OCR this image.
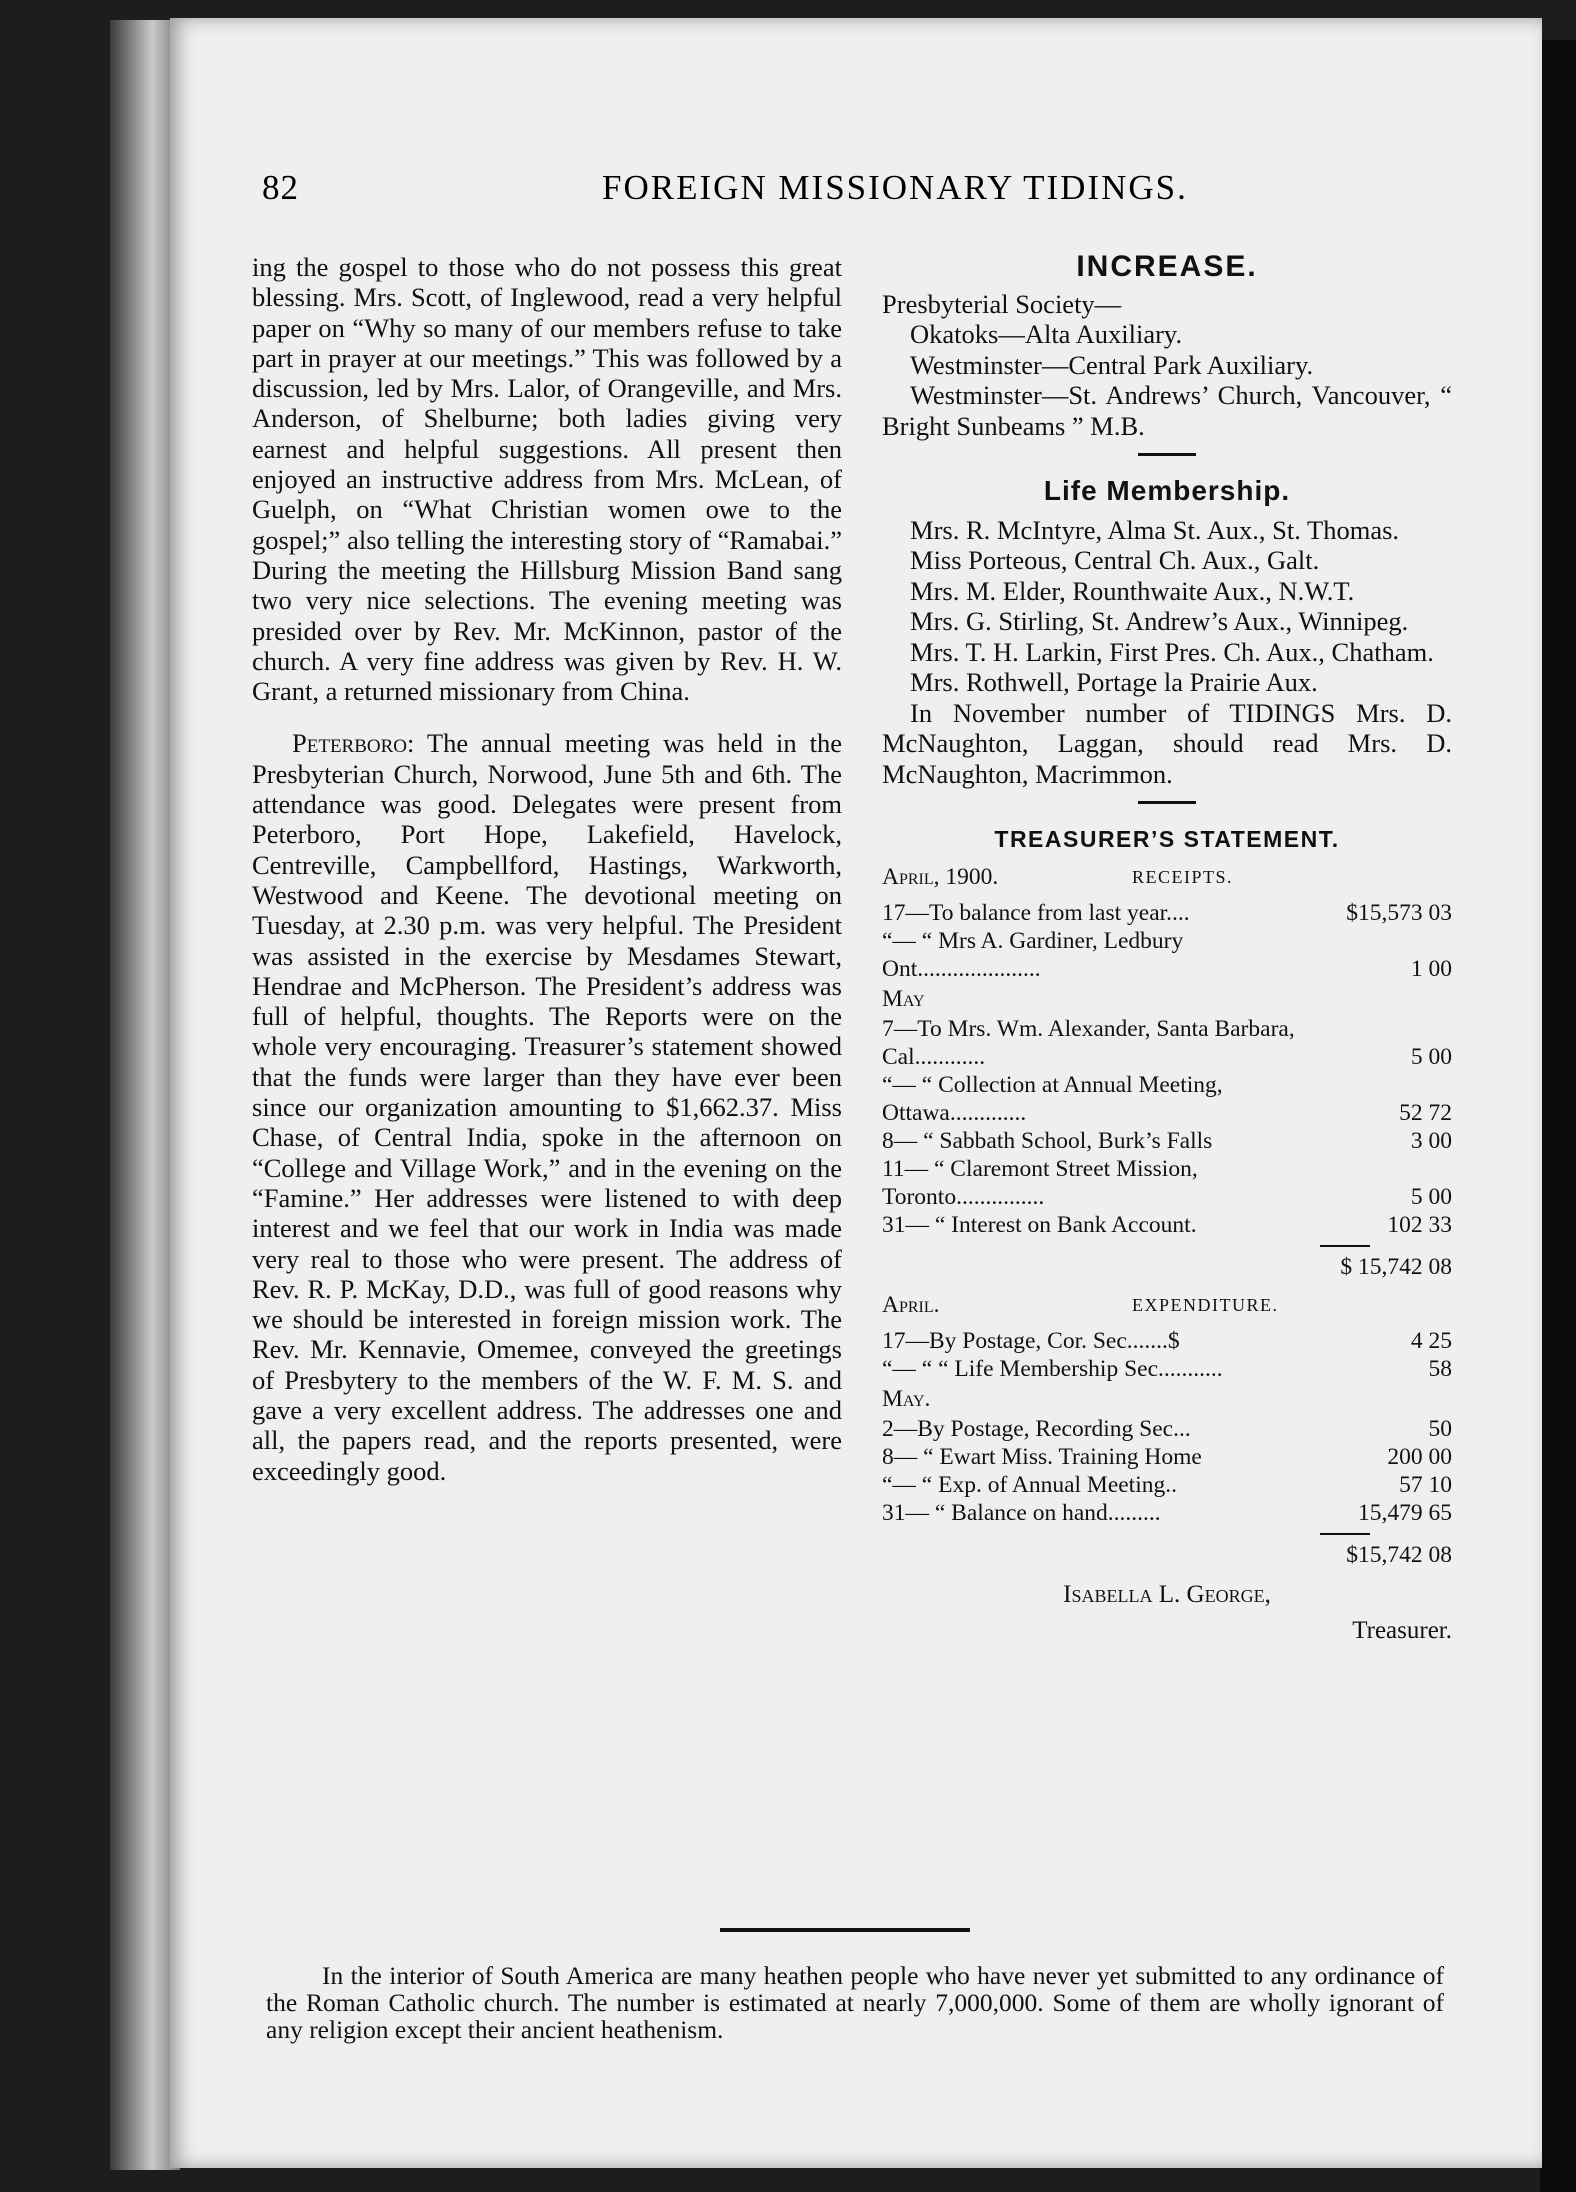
82	FOREIGN MISSIONARY TIDINGS.

ing the gospel to those who do not possess this great blessing. Mrs. Scott, of Inglewood, read a very helpful paper on “Why so many of our members refuse to take part in prayer at our meetings.” This was followed by a discussion, led by Mrs. Lalor, of Orangeville, and Mrs. Anderson, of Shelburne; both ladies giving very earnest and helpful suggestions. All present then enjoyed an instructive address from Mrs. McLean, of Guelph, on “What Christian women owe to the gospel;” also telling the interesting story of “Ramabai.” During the meeting the Hillsburg Mission Band sang two very nice selections. The evening meeting was presided over by Rev. Mr. McKinnon, pastor of the church. A very fine address was given by Rev. H. W. Grant, a returned missionary from China.

Peterboro: The annual meeting was held in the Presbyterian Church, Norwood, June 5th and 6th. The attendance was good. Delegates were present from Peterboro, Port Hope, Lakefield, Havelock, Centreville, Campbellford, Hastings, Warkworth, Westwood and Keene. The devotional meeting on Tuesday, at 2.30 p.m. was very helpful. The President was assisted in the exercise by Mesdames Stewart, Hendrae and McPherson. The President’s address was full of helpful, thoughts. The Reports were on the whole very encouraging. Treasurer’s statement showed that the funds were larger than they have ever been since our organization amounting to $1,662.37. Miss Chase, of Central India, spoke in the afternoon on “College and Village Work,” and in the evening on the “Famine.” Her addresses were listened to with deep interest and we feel that our work in India was made very real to those who were present. The address of Rev. R. P. McKay, D.D., was full of good reasons why we should be interested in foreign mission work. The Rev. Mr. Kennavie, Omemee, conveyed the greetings of Presbytery to the members of the W. F. M. S. and gave a very excellent address. The addresses one and all, the papers read, and the reports presented, were exceedingly good.

INCREASE.

Presbyterial Society—

Okatoks—Alta Auxiliary.

Westminster—Central Park Auxiliary.

Westminster—St. Andrews’ Church, Vancouver, “ Bright Sunbeams ” M.B.

Life Membership.

Mrs. R. McIntyre, Alma St. Aux., St. Thomas.

Miss Porteous, Central Ch. Aux., Galt.

Mrs. M. Elder, Rounthwaite Aux., N.W.T.

Mrs. G. Stirling, St. Andrew’s Aux., Winnipeg.

Mrs. T. H. Larkin, First Pres. Ch. Aux., Chatham.

Mrs. Rothwell, Portage la Prairie Aux.

In November number of TIDINGS Mrs. D. McNaughton, Laggan, should read Mrs. D. McNaughton, Macrimmon.

TREASURER’S STATEMENT.
April, 1900.	RECEIPTS.
17—To balance from last year....	$15,573 03
“— “ Mrs A. Gardiner, Ledbury Ont.....................	1 00
May
7—To Mrs. Wm. Alexander, Santa Barbara, Cal............	5 00
“— “ Collection at Annual Meeting, Ottawa.............	52 72
8— “ Sabbath School, Burk’s Falls	3 00
11— “ Claremont Street Mission, Toronto...............	5 00
31— “ Interest on Bank Account.	102 33
$ 15,742 08
April.	EXPENDITURE.
17—By Postage, Cor. Sec.......$	4 25
“— “ “ Life Membership Sec...........	58
May.
2—By Postage, Recording Sec...	50
8— “ Ewart Miss. Training Home	200 00
“— “ Exp. of Annual Meeting..	57 10
31— “ Balance on hand.........	15,479 65
$15,742 08
Isabella L. George,
Treasurer.

In the interior of South America are many heathen people who have never yet submitted to any ordinance of the Roman Catholic church. The number is estimated at nearly 7,000,000. Some of them are wholly ignorant of any religion except their ancient heathenism.
